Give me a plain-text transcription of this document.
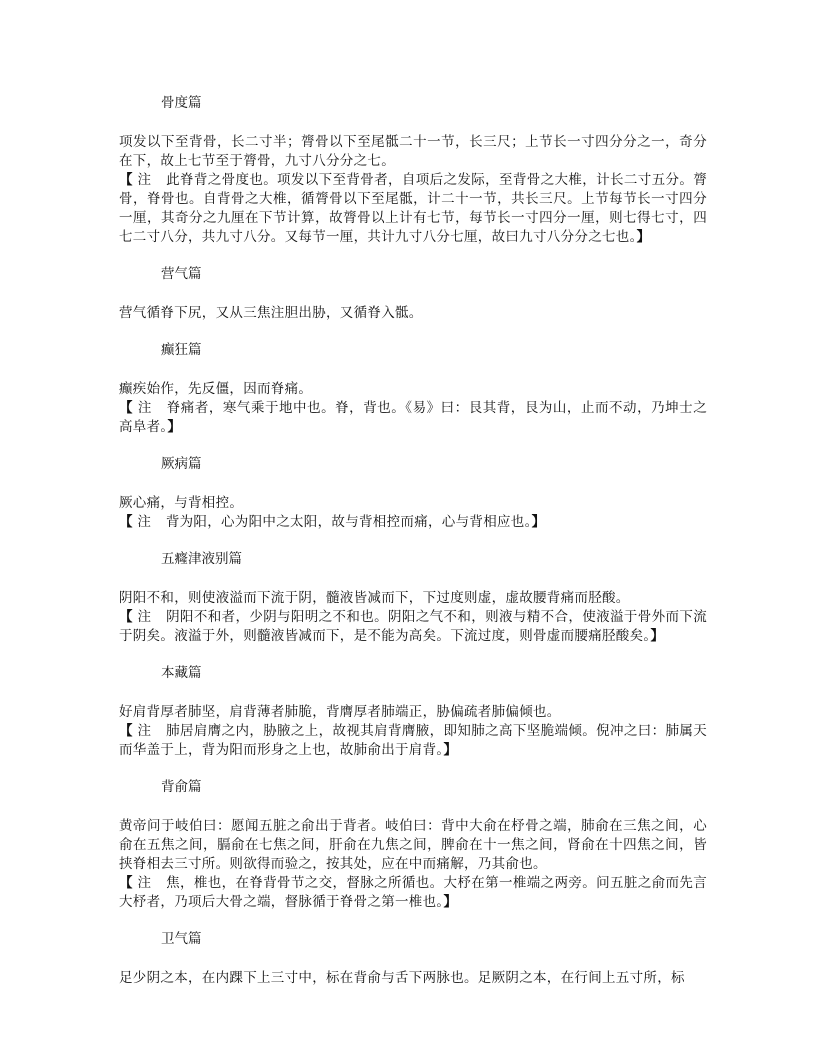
骨度篇

项发以下至背骨，长二寸半；膂骨以下至尾骶二十一节，长三尺；上节长一寸四分分之一，奇分在下，故上七节至于膂骨，九寸八分分之七。

【 注 此脊背之骨度也。项发以下至背骨者，自项后之发际，至背骨之大椎，计长二寸五分。膂骨，脊骨也。自背骨之大椎，循膂骨以下至尾骶，计二十一节，共长三尺。上节每节长一寸四分一厘，其奇分之九厘在下节计算，故膂骨以上计有七节，每节长一寸四分一厘，则七得七寸，四七二寸八分，共九寸八分。又每节一厘，共计九寸八分七厘，故曰九寸八分分之七也。】

营气篇

营气循脊下尻，又从三焦注胆出胁，又循脊入骶。

癫狂篇

癫疾始作，先反僵，因而脊痛。

【 注 脊痛者，寒气乘于地中也。脊，背也。《易》曰：艮其背，艮为山，止而不动，乃坤士之高阜者。】

厥病篇

厥心痛，与背相控。

【 注 背为阳，心为阳中之太阳，故与背相控而痛，心与背相应也。】

五癃津液别篇

阴阳不和，则使液溢而下流于阴，髓液皆减而下，下过度则虚，虚故腰背痛而胫酸。

【 注 阴阳不和者，少阴与阳明之不和也。阴阳之气不和，则液与精不合，使液溢于骨外而下流于阴矣。液溢于外，则髓液皆减而下，是不能为高矣。下流过度，则骨虚而腰痛胫酸矣。】

本藏篇

好肩背厚者肺坚，肩背薄者肺脆，背膺厚者肺端正，胁偏疏者肺偏倾也。

【 注 肺居肩膺之内，胁腋之上，故视其肩背膺腋，即知肺之高下坚脆端倾。倪冲之曰：肺属天而华盖于上，背为阳而形身之上也，故肺俞出于肩背。】

背俞篇

黄帝问于岐伯曰：愿闻五脏之俞出于背者。岐伯曰：背中大俞在杼骨之端，肺俞在三焦之间，心俞在五焦之间，膈俞在七焦之间，肝俞在九焦之间，脾俞在十一焦之间，肾俞在十四焦之间，皆挟脊相去三寸所。则欲得而验之，按其处，应在中而痛解，乃其俞也。

【 注 焦，椎也，在脊背骨节之交，督脉之所循也。大杼在第一椎端之两旁。问五脏之俞而先言大杼者，乃项后大骨之端，督脉循于脊骨之第一椎也。】

卫气篇

足少阴之本，在内踝下上三寸中，标在背俞与舌下两脉也。足厥阴之本，在行间上五寸所，标
